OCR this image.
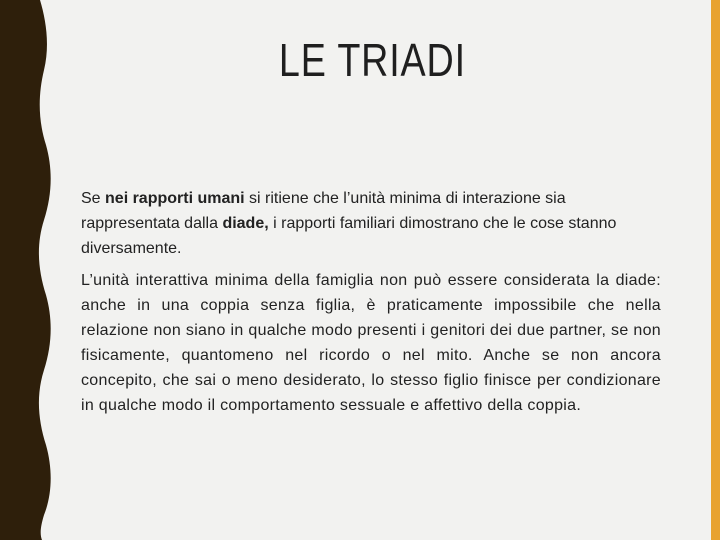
LE TRIADI

Se nei rapporti umani si ritiene che l’unità minima di interazione sia rappresentata dalla diade, i rapporti familiari dimostrano che le cose stanno diversamente.

L’unità interattiva minima della famiglia non può essere considerata la diade: anche in una coppia senza figlia, è praticamente impossibile che nella relazione non siano in qualche modo presenti i genitori dei due partner, se non fisicamente, quantomeno nel ricordo o nel mito. Anche se non ancora concepito, che sai o meno desiderato, lo stesso figlio finisce per condizionare in qualche modo il comportamento sessuale e affettivo della coppia.
